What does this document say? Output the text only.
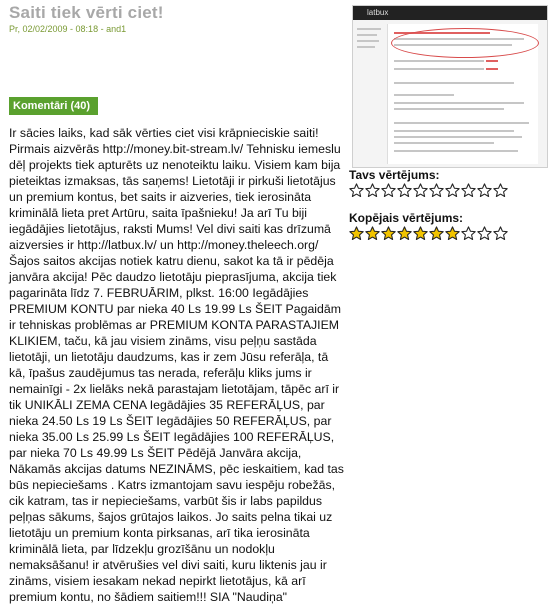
Saiti tiek vērti ciet!
Pr, 02/02/2009 - 08:18 - and1
latbux
Komentāri (40)

Ir sācies laiks, kad sāk vērties ciet visi krāpnieciskie saiti! Pirmais aizvērās http://money.bit-stream.lv/ Tehnisku iemeslu dēļ projekts tiek apturēts uz nenoteiktu laiku. Visiem kam bija pieteiktas izmaksas, tās saņems! Lietotāji ir pirkuši lietotājus un premium kontus, bet saits ir aizveries, tiek ierosināta kriminālā lieta pret Artūru, saita īpašnieku! Ja arī Tu biji iegādājies lietotājus, raksti Mums! Vel divi saiti kas drīzumā aizversies ir http://latbux.lv/ un http://money.theleech.org/ Šajos saitos akcijas notiek katru dienu, sakot ka tā ir pēdēja janvāra akcija! Pēc daudzo lietotāju pieprasījuma, akcija tiek pagarināta līdz 7. FEBRUĀRIM, plkst. 16:00 Iegādājies PREMIUM KONTU par nieka 40 Ls 19.99 Ls ŠEIT Pagaidām ir tehniskas problēmas ar PREMIUM KONTA PARASTAJIEM KLIKIEM, taču, kā jau visiem zināms, visu peļņu sastāda lietotāji, un lietotāju daudzums, kas ir zem Jūsu referāļa, tā kā, īpašus zaudējumus tas nerada, referāļu kliks jums ir nemainīgi - 2x lielāks nekā parastajam lietotājam, tāpēc arī ir tik UNIKĀLI ZEMA CENA Iegādājies 35 REFERĀĻUS, par nieka 24.50 Ls 19 Ls ŠEIT Iegādājies 50 REFERĀĻUS, par nieka 35.00 Ls 25.99 Ls ŠEIT Iegādājies 100 REFERĀĻUS, par nieka 70 Ls 49.99 Ls ŠEIT Pēdējā Janvāra akcija, Nākamās akcijas datums NEZINĀMS, pēc ieskaitiem, kad tas būs nepieciešams . Katrs izmantojam savu iespēju robežās, cik katram, tas ir nepieciešams, varbūt šis ir labs papildus peļņas sākums, šajos grūtajos laikos. Jo saits pelna tikai uz lietotāju un premium konta pirksanas, arī tika ierosināta kriminālā lieta, par līdzekļu grozīšānu un nodokļu nemaksāšanu! ir atvērušies vel divi saiti, kuru liktenis jau ir zināms, visiem iesakam nekad nepirkt lietotājus, kā arī premium kontu, no šādiem saitiem!!! SIA "Naudiņa"

Tavs vērtējums:
Kopējais vērtējums:
